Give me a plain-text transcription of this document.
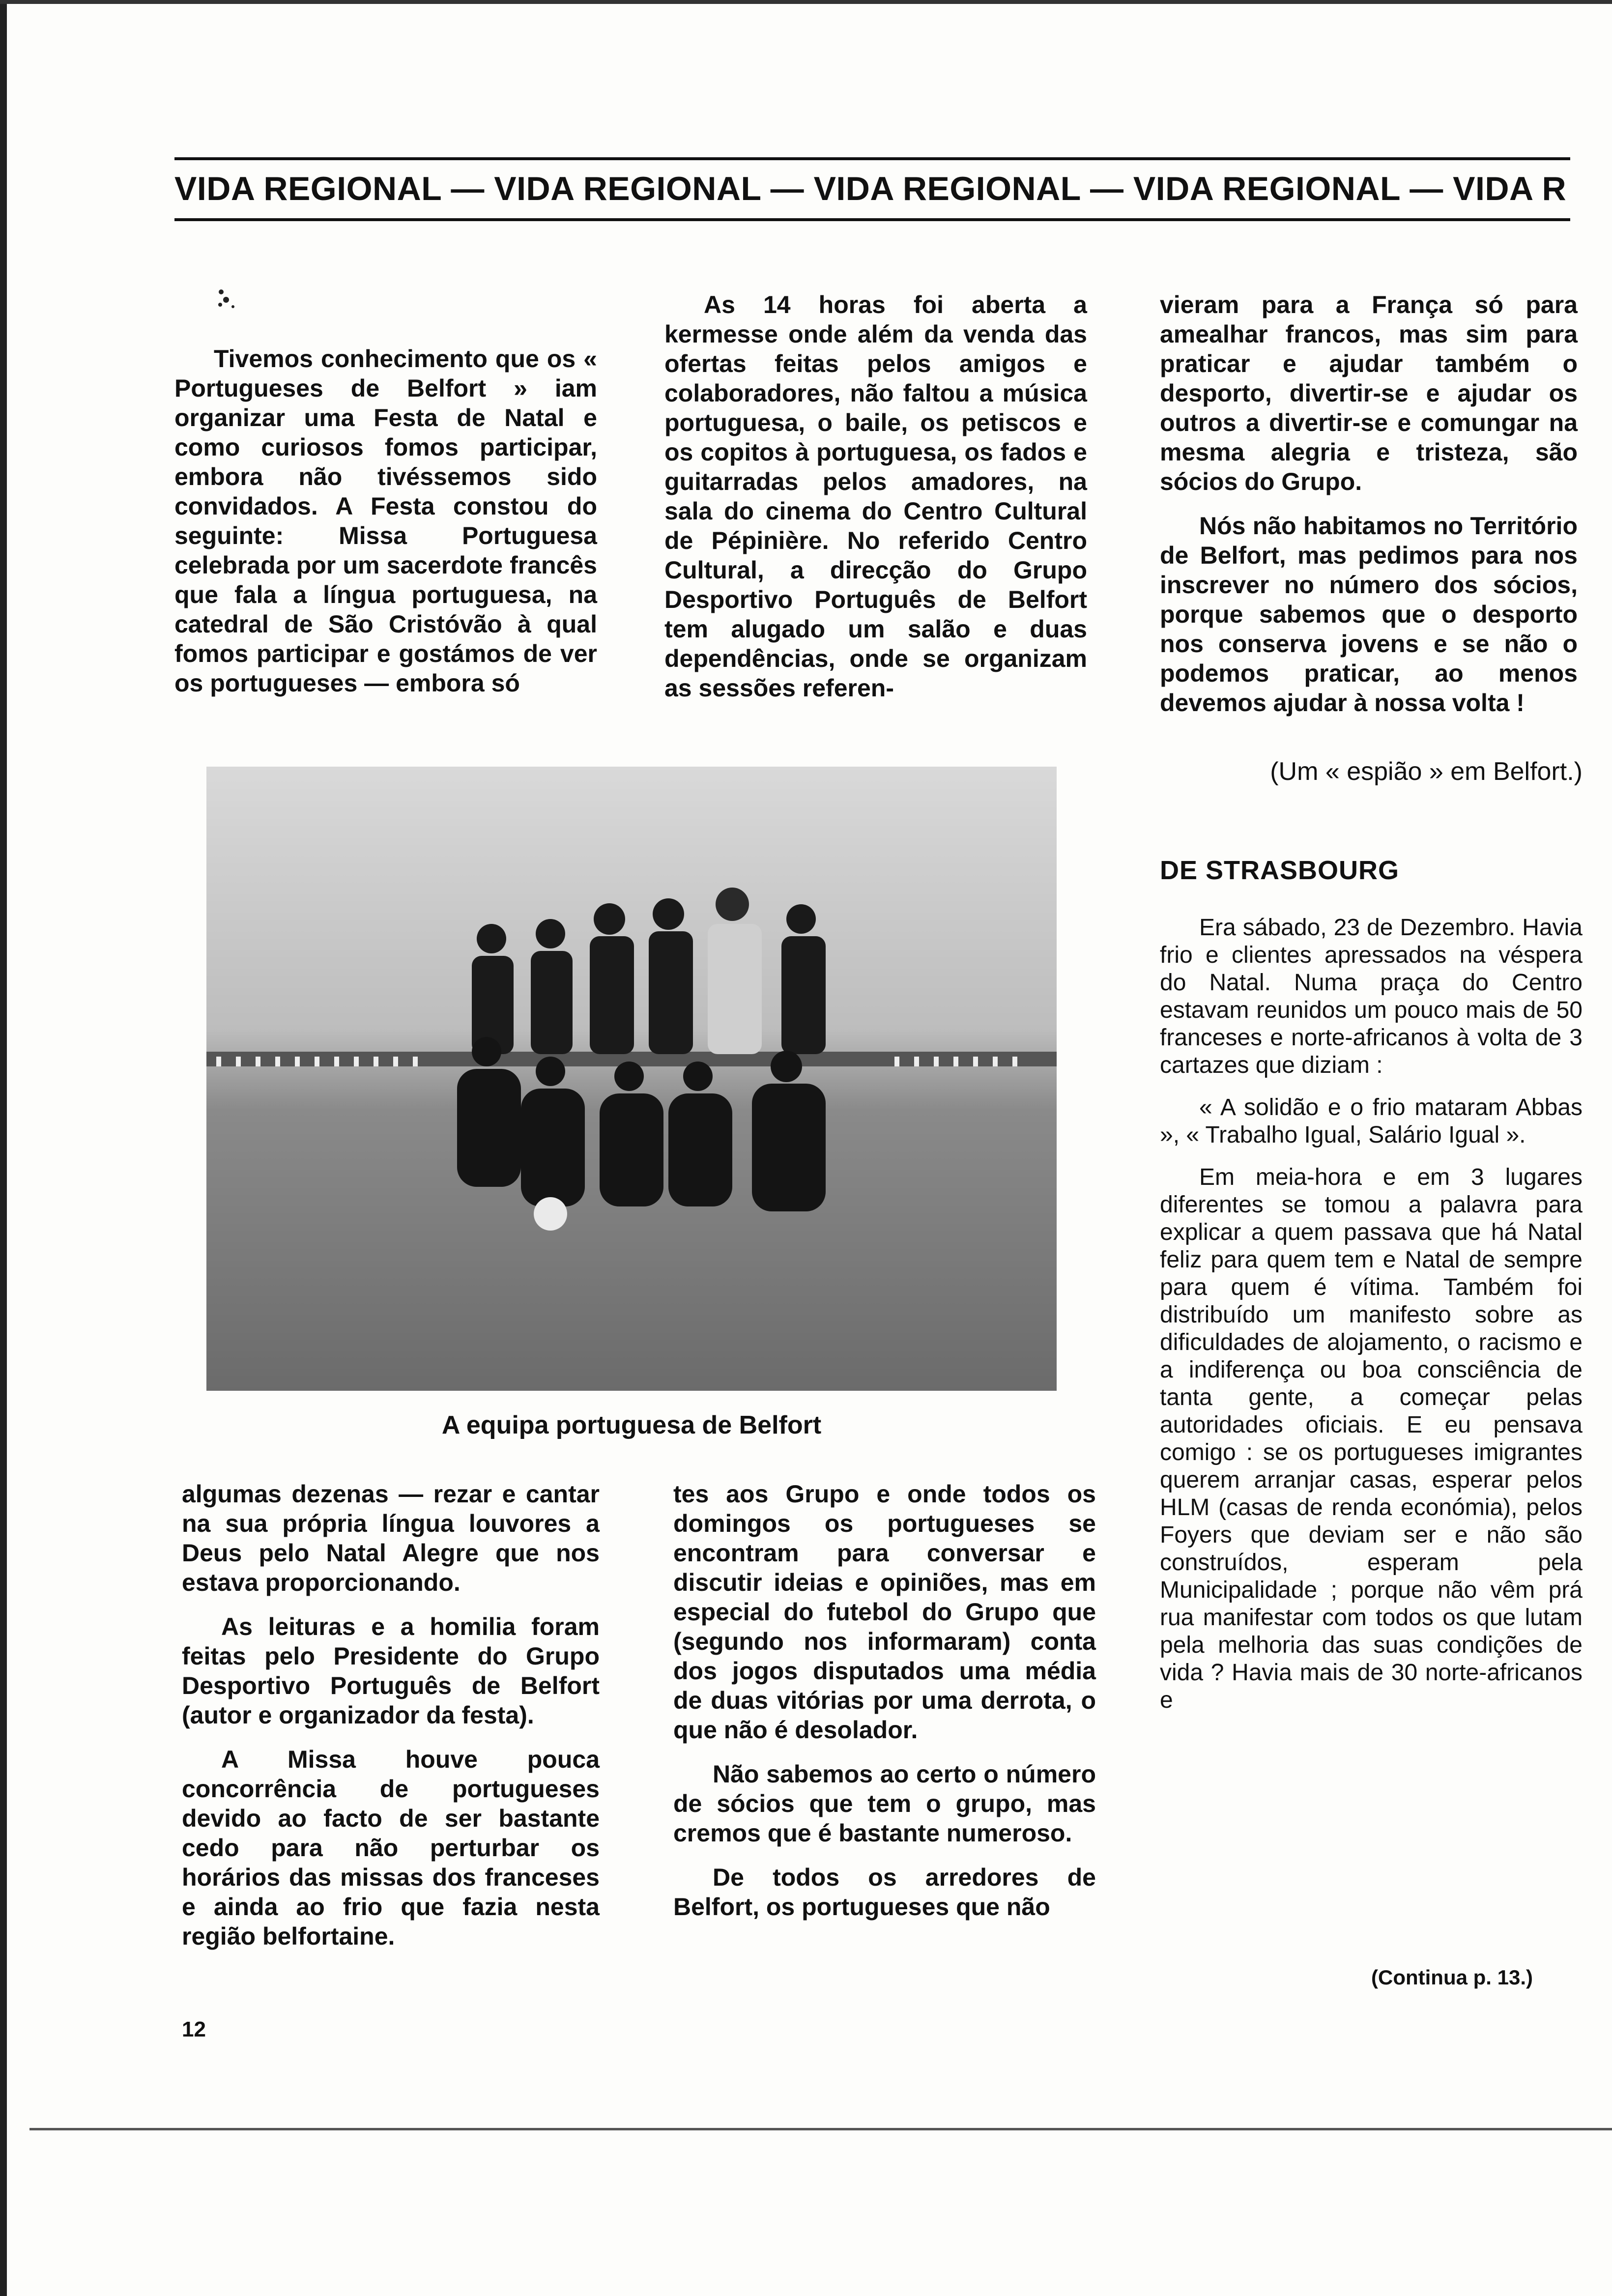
VIDA REGIONAL — VIDA REGIONAL — VIDA REGIONAL — VIDA REGIONAL — VIDA R

Tivemos conhecimento que os « Portugueses de Belfort » iam organizar uma Festa de Natal e como curiosos fomos participar, embora não tivéssemos sido convidados. A Festa constou do seguinte: Missa Portuguesa celebrada por um sacerdote francês que fala a língua portuguesa, na catedral de São Cristóvão à qual fomos participar e gostámos de ver os portugueses — embora só

As 14 horas foi aberta a kermesse onde além da venda das ofertas feitas pelos amigos e colaboradores, não faltou a música portuguesa, o baile, os petiscos e os copitos à portuguesa, os fados e guitarradas pelos amadores, na sala do cinema do Centro Cultural de Pépinière. No referido Centro Cultural, a direcção do Grupo Desportivo Português de Belfort tem alugado um salão e duas dependências, onde se organizam as sessões referen-

vieram para a França só para amealhar francos, mas sim para praticar e ajudar também o desporto, divertir-se e ajudar os outros a divertir-se e comungar na mesma alegria e tristeza, são sócios do Grupo.

Nós não habitamos no Território de Belfort, mas pedimos para nos inscrever no número dos sócios, porque sabemos que o desporto nos conserva jovens e se não o podemos praticar, ao menos devemos ajudar à nossa volta !

(Um « espião » em Belfort.)
A equipa portuguesa de Belfort

algumas dezenas — rezar e cantar na sua própria língua louvores a Deus pelo Natal Alegre que nos estava proporcionando.

As leituras e a homilia foram feitas pelo Presidente do Grupo Desportivo Português de Belfort (autor e organizador da festa).

A Missa houve pouca concorrência de portugueses devido ao facto de ser bastante cedo para não perturbar os horários das missas dos franceses e ainda ao frio que fazia nesta região belfortaine.

tes aos Grupo e onde todos os domingos os portugueses se encontram para conversar e discutir ideias e opiniões, mas em especial do futebol do Grupo que (segundo nos informaram) conta dos jogos disputados uma média de duas vitórias por uma derrota, o que não é desolador.

Não sabemos ao certo o número de sócios que tem o grupo, mas cremos que é bastante numeroso.

De todos os arredores de Belfort, os portugueses que não

DE STRASBOURG

Era sábado, 23 de Dezembro. Havia frio e clientes apressados na véspera do Natal. Numa praça do Centro estavam reunidos um pouco mais de 50 franceses e norte-africanos à volta de 3 cartazes que diziam :

« A solidão e o frio mataram Abbas », « Trabalho Igual, Salário Igual ».

Em meia-hora e em 3 lugares diferentes se tomou a palavra para explicar a quem passava que há Natal feliz para quem tem e Natal de sempre para quem é vítima. Também foi distribuído um manifesto sobre as dificuldades de alojamento, o racismo e a indiferença ou boa consciência de tanta gente, a começar pelas autoridades oficiais. E eu pensava comigo : se os portugueses imigrantes querem arranjar casas, esperar pelos HLM (casas de renda económia), pelos Foyers que deviam ser e não são construídos, esperam pela Municipalidade ; porque não vêm prá rua manifestar com todos os que lutam pela melhoria das suas condições de vida ? Havia mais de 30 norte-africanos e

(Continua p. 13.)
12
